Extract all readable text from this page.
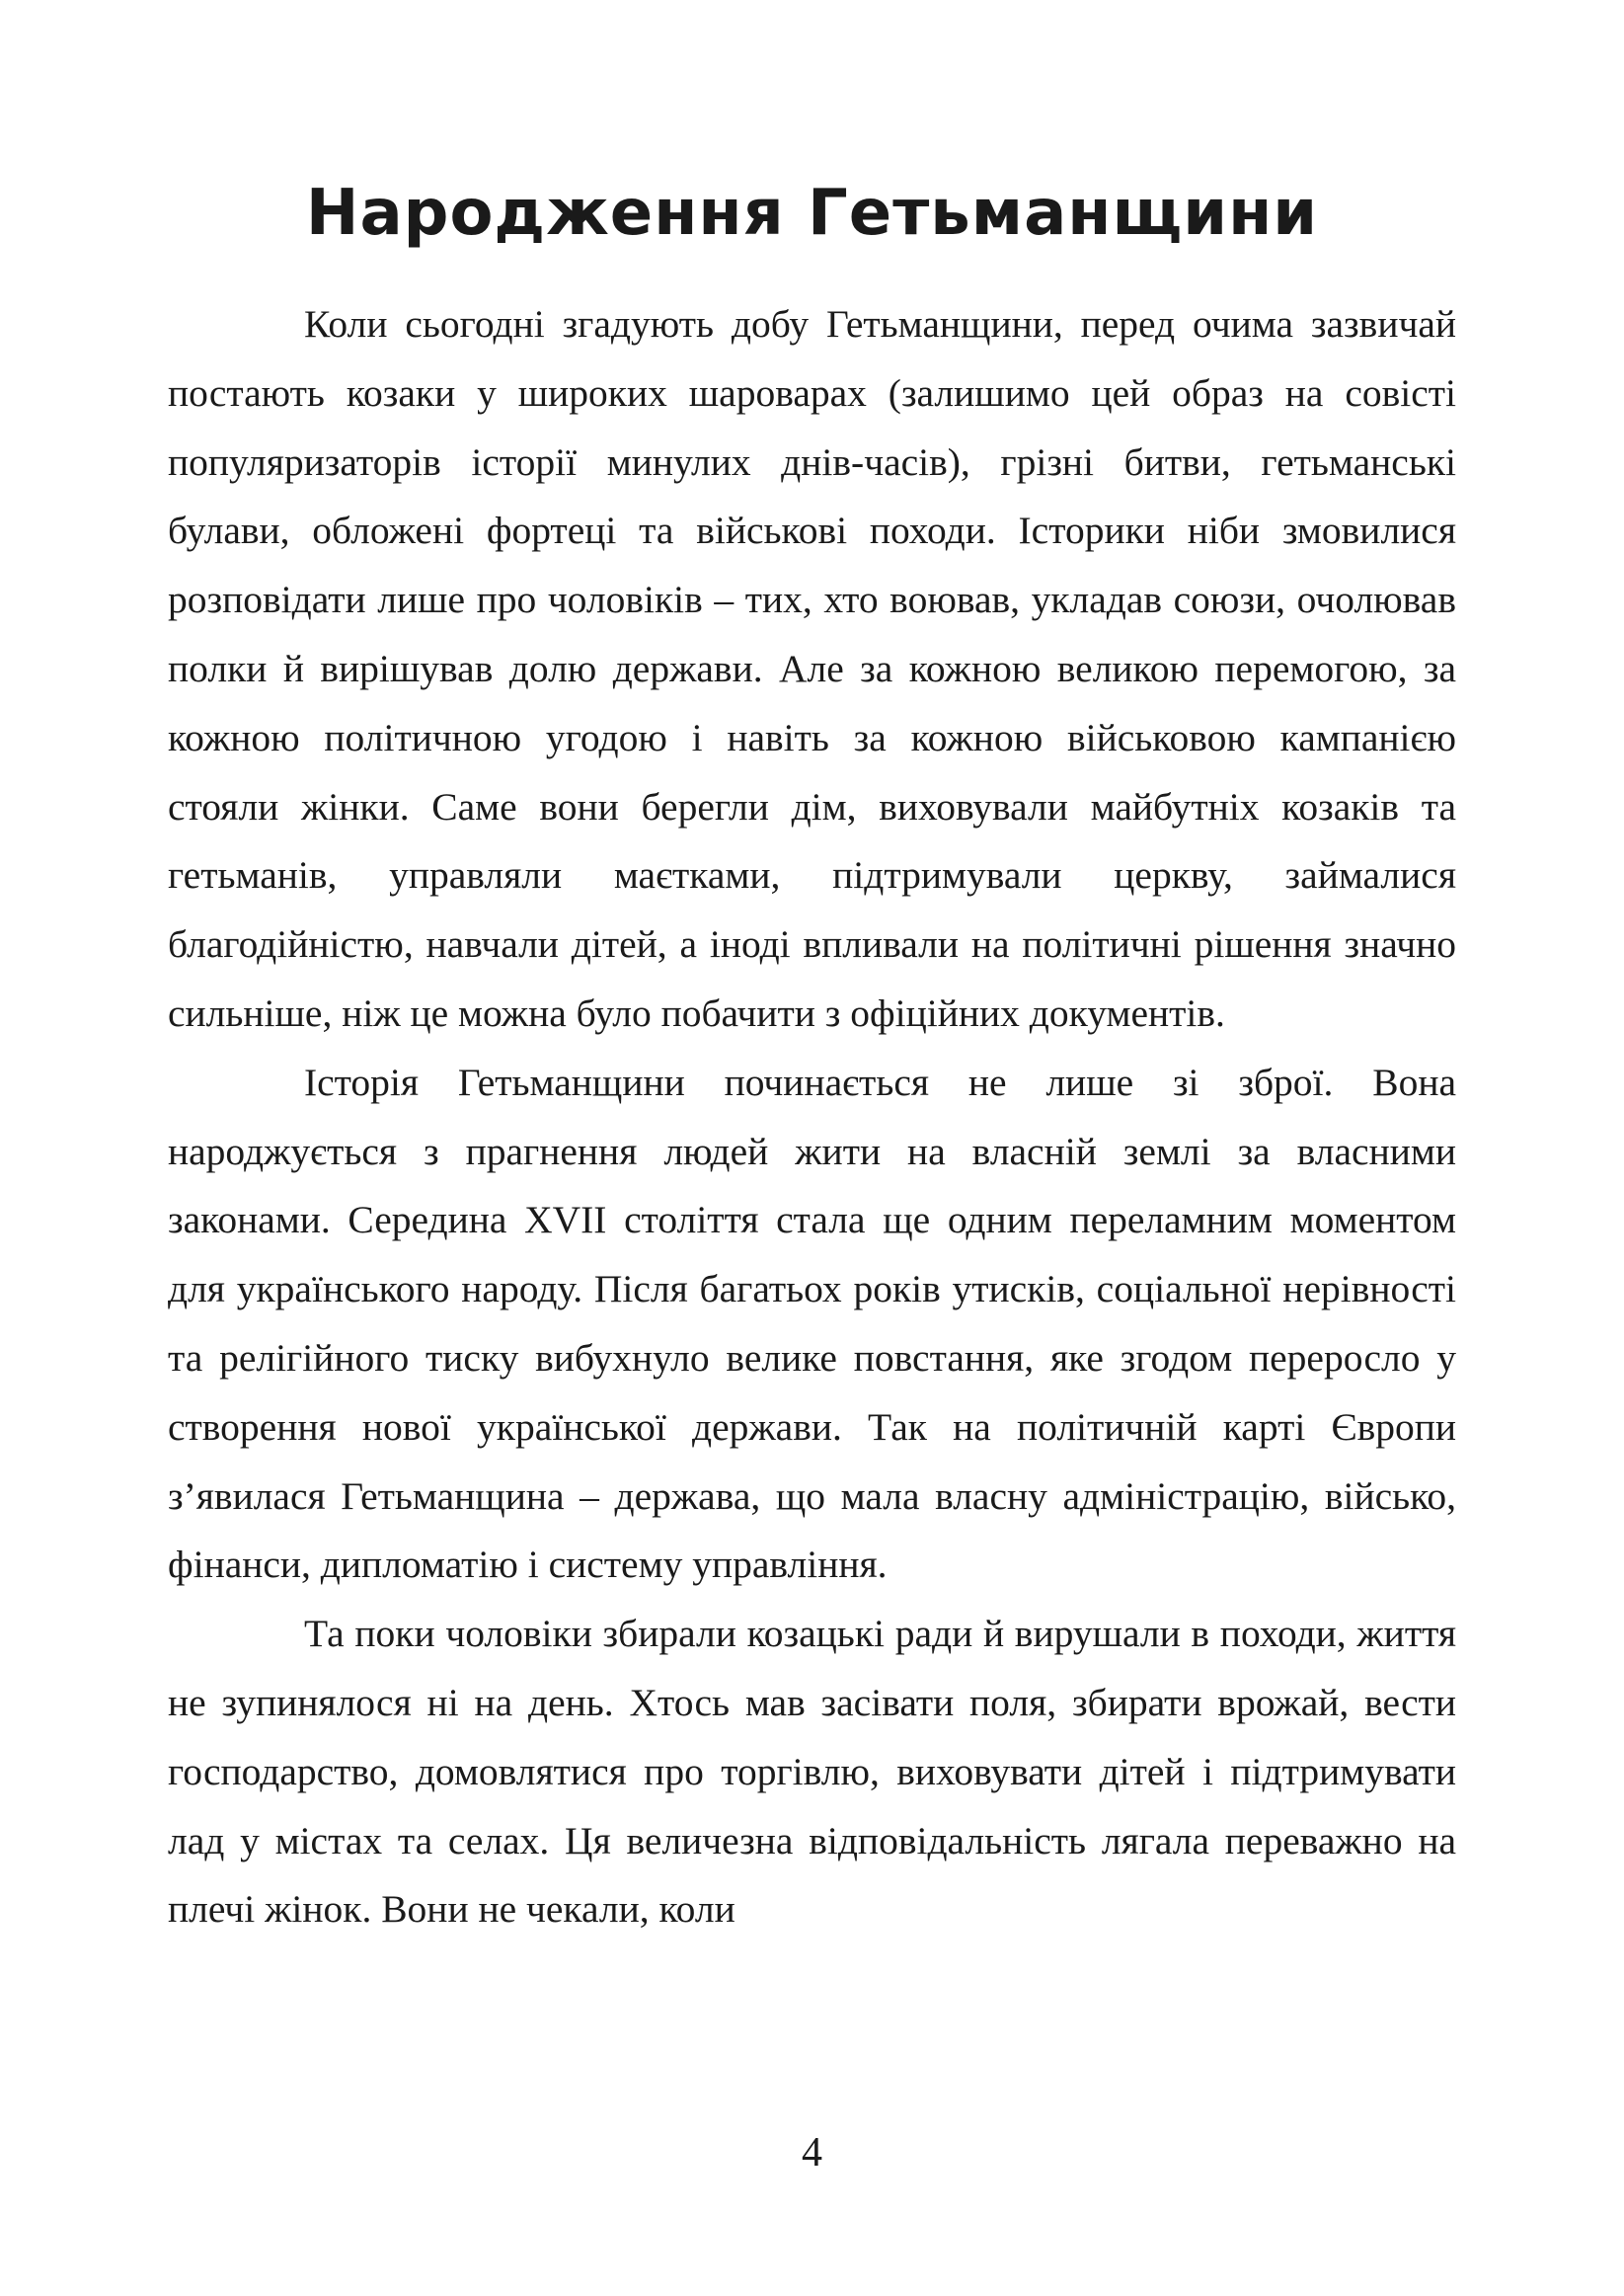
Народження Гетьманщини

Коли сьогодні згадують добу Гетьманщини, перед очима зазвичай постають козаки у широких шароварах (залишимо цей образ на совісті популяризаторів історії минулих днів-часів), грізні битви, гетьманські булави, обложені фортеці та військові походи. Історики ніби змовилися розповідати лише про чоловіків – тих, хто воював, укладав союзи, очолював полки й вирішував долю держави. Але за кожною великою перемогою, за кожною політичною угодою і навіть за кожною військовою кампанією стояли жінки. Саме вони берегли дім, виховували майбутніх козаків та гетьманів, управляли маєтками, підтримували церкву, займалися благодійністю, навчали дітей, а іноді впливали на політичні рішення значно сильніше, ніж це можна було побачити з офіційних документів.

Історія Гетьманщини починається не лише зі зброї. Вона народжується з прагнення людей жити на власній землі за власними законами. Середина XVII століття стала ще одним переламним моментом для українського народу. Після багатьох років утисків, соціальної нерівності та релігійного тиску вибухнуло велике повстання, яке згодом переросло у створення нової української держави. Так на політичній карті Європи з’явилася Гетьманщина – держава, що мала власну адміністрацію, військо, фінанси, дипломатію і систему управління.

Та поки чоловіки збирали козацькі ради й вирушали в походи, життя не зупинялося ні на день. Хтось мав засівати поля, збирати врожай, вести господарство, домовлятися про торгівлю, виховувати дітей і підтримувати лад у містах та селах. Ця величезна відповідальність лягала переважно на плечі жінок. Вони не чекали, коли

4
